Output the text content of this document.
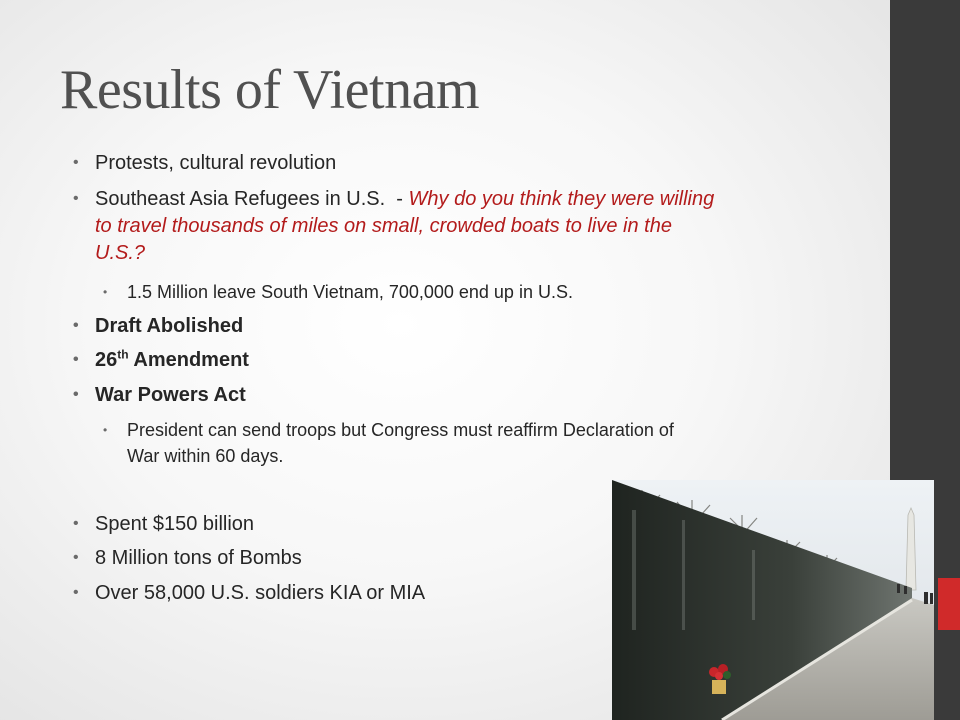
Results of Vietnam
• Protests, cultural revolution
• Southeast Asia Refugees in U.S.  - Why do you think they were willing
to travel thousands of miles on small, crowded boats to live in the
U.S.?
• 1.5 Million leave South Vietnam, 700,000 end up in U.S.
• Draft Abolished
• 26th Amendment
• War Powers Act
• President can send troops but Congress must reaffirm Declaration of
War within 60 days.
• Spent $150 billion
• 8 Million tons of Bombs
• Over 58,000 U.S. soldiers KIA or MIA
